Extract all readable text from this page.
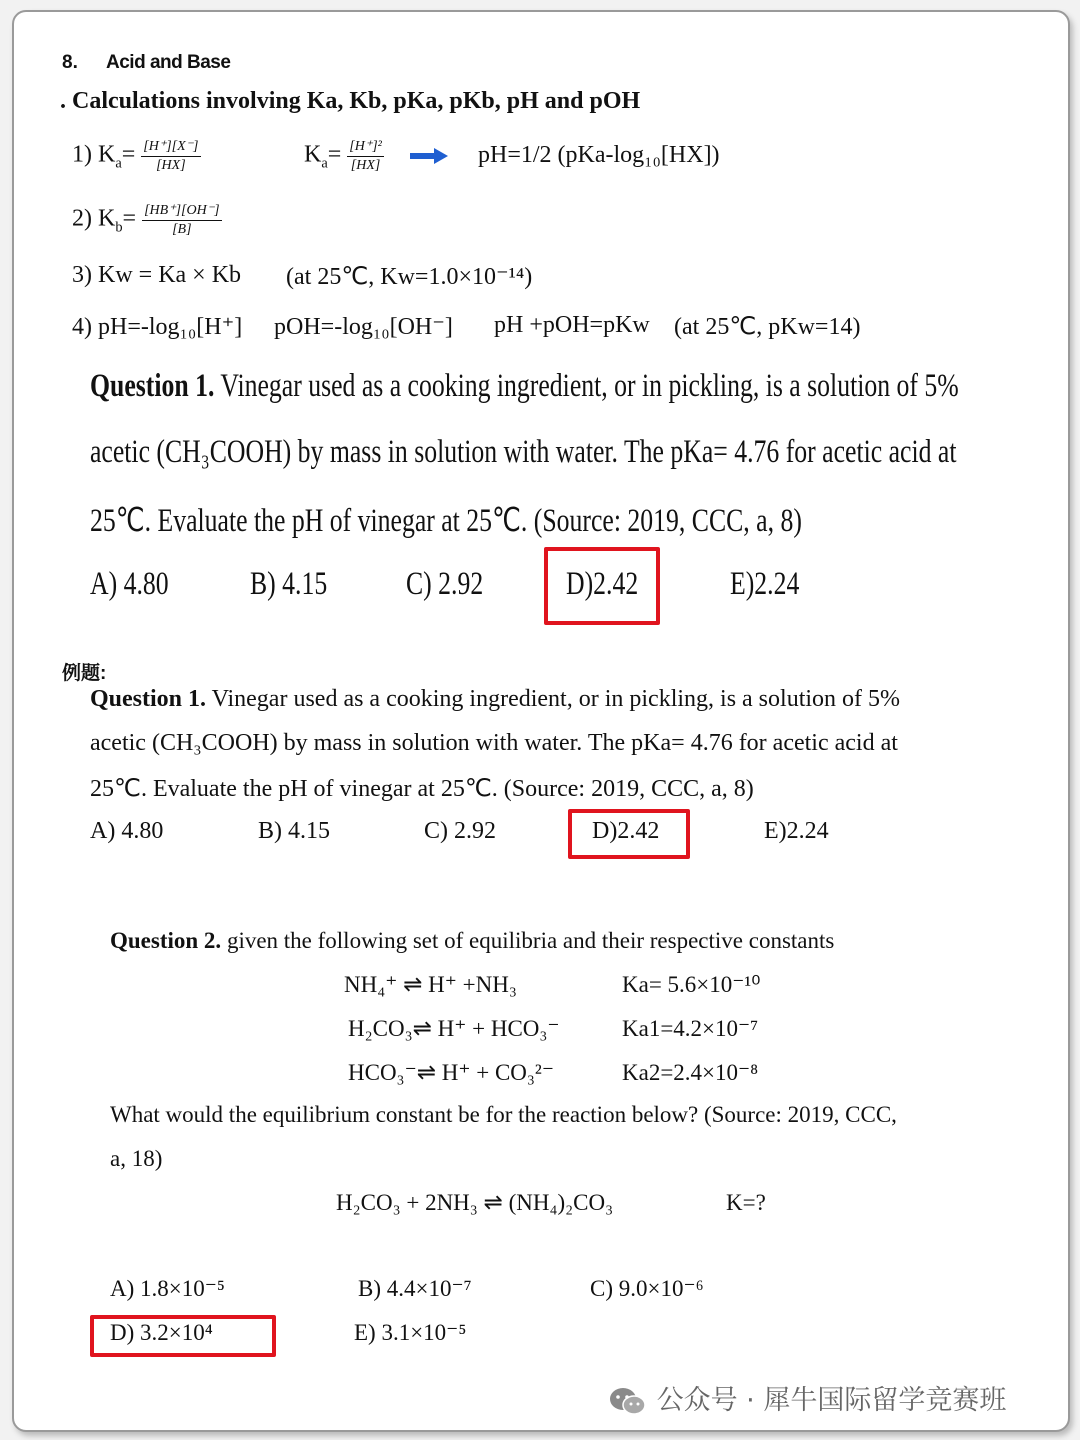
8. Acid and Base
. Calculations involving Ka, Kb, pKa, pKb, pH and pOH
1) $K_a= \frac{[H^+][X^-]}{[HX]}$	$K_a= \frac{\text{[H⁺]²}}{[HX]}$	pH=1/2 (pKa-log₁₀[HX])
2) $K_b= \frac{[HB^+][OH^-]}{[B]}$
3) Kw = Ka × Kb (at 25℃, Kw=1.0×10⁻¹⁴)
4) pH=-log₁₀[H⁺] pOH=-log₁₀[OH⁻] pH +pOH=pKw (at 25℃, pKw=14)
Question 1. Vinegar used as a cooking ingredient, or in pickling, is a solution of 5%
acetic (CH₃COOH) by mass in solution with water. The pKa= 4.76 for acetic acid at
25℃. Evaluate the pH of vinegar at 25℃. (Source: 2019, CCC, a, 8)
A) 4.80 B) 4.15 C) 2.92	D)2.42	E)2.24
例题:
Question 1. Vinegar used as a cooking ingredient, or in pickling, is a solution of 5%
acetic (CH₃COOH) by mass in solution with water. The pKa= 4.76 for acetic acid at
25℃. Evaluate the pH of vinegar at 25℃. (Source: 2019, CCC, a, 8)
A) 4.80	B) 4.15	C) 2.92	D)2.42	E)2.24
Question 2. given the following set of equilibria and their respective constants
NH₄⁺ ⇌ H⁺ +NH₃	Ka= 5.6×10⁻¹⁰
H₂CO₃⇌ H⁺ + HCO₃⁻	Ka1=4.2×10⁻⁷
HCO₃⁻⇌ H⁺ + CO₃²⁻	Ka2=2.4×10⁻⁸
What would the equilibrium constant be for the reaction below? (Source: 2019, CCC,
a, 18)
H₂CO₃ + 2NH₃ ⇌ (NH₄)₂CO₃	K=?
A) 1.8×10⁻⁵	B) 4.4×10⁻⁷	C) 9.0×10⁻⁶
D) 3.2×10⁴	E) 3.1×10⁻⁵
公众号 · 犀牛国际留学竞赛班
